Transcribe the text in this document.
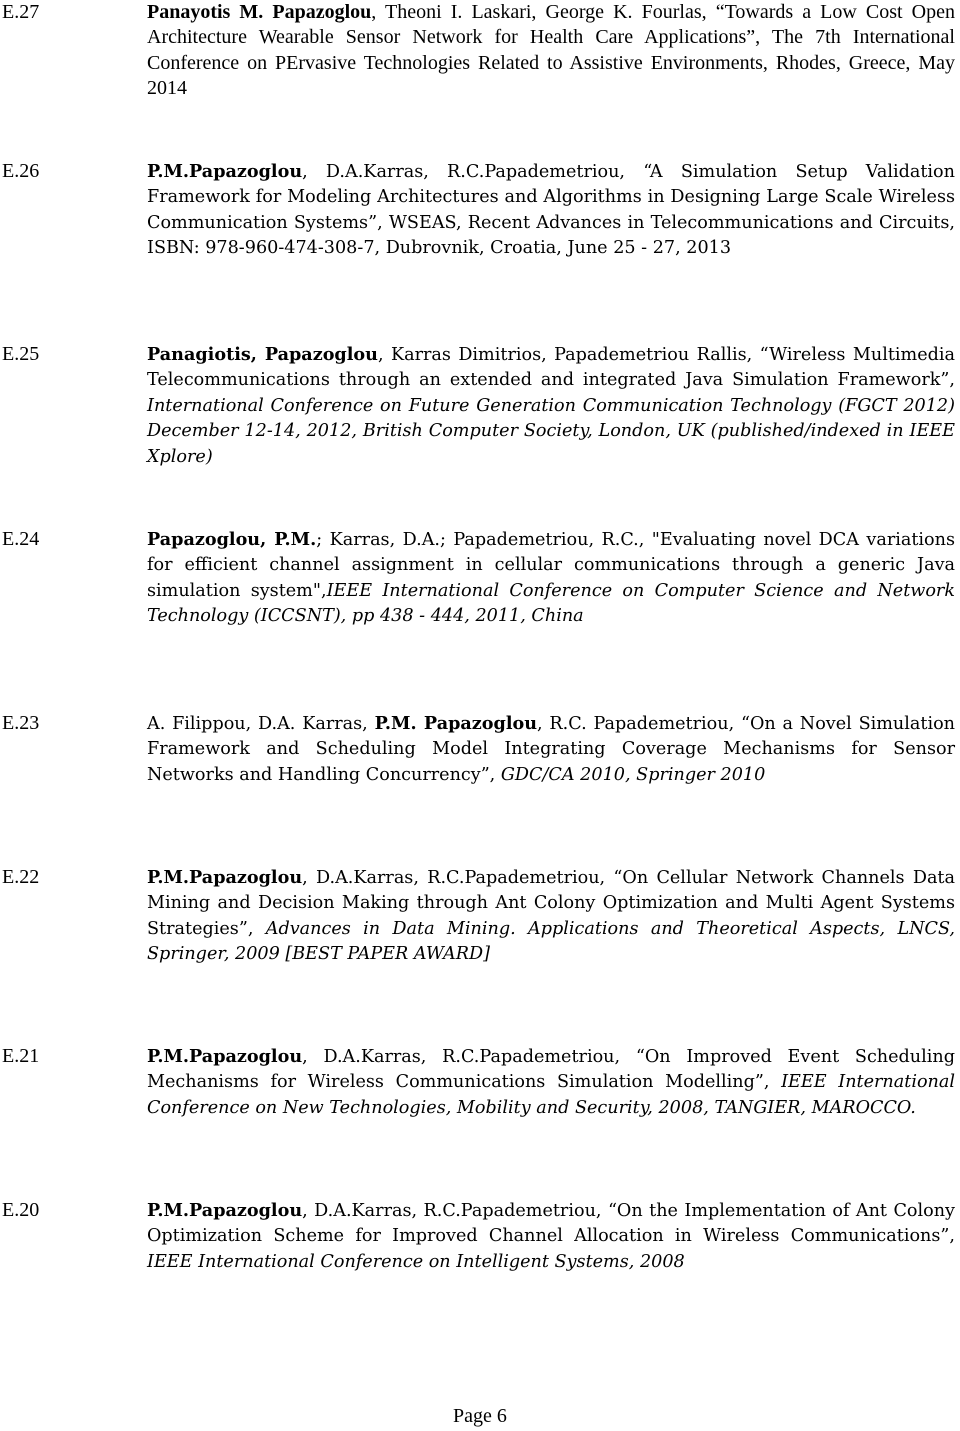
E.27	Panayotis M. Papazoglou, Theoni I. Laskari, George K. Fourlas, “Towards a Low Cost Open Architecture Wearable Sensor Network for Health Care Applications”, The 7th International Conference on PErvasive Technologies Related to Assistive Environments, Rhodes, Greece, May 2014

E.26	P.M.Papazoglou, D.A.Karras, R.C.Papademetriou, “A Simulation Setup Validation Framework for Modeling Architectures and Algorithms in Designing Large Scale Wireless Communication Systems”, WSEAS, Recent Advances in Telecommunications and Circuits, ISBN: 978-960-474-308-7, Dubrovnik, Croatia, June 25 - 27, 2013

E.25	Panagiotis, Papazoglou, Karras Dimitrios, Papademetriou Rallis, “Wireless Multimedia Telecommunications through an extended and integrated Java Simulation Framework”, International Conference on Future Generation Communication Technology (FGCT 2012) December 12-14, 2012, British Computer Society, London, UK (published/indexed in IEEE Xplore)

E.24	Papazoglou, P.M.; Karras, D.A.; Papademetriou, R.C., "Evaluating novel DCA variations for efficient channel assignment in cellular communications through a generic Java simulation system",IEEE International Conference on Computer Science and Network Technology (ICCSNT), pp 438 - 444, 2011, China

E.23	A. Filippou, D.A. Karras, P.M. Papazoglou, R.C. Papademetriou, “On a Novel Simulation Framework and Scheduling Model Integrating Coverage Mechanisms for Sensor Networks and Handling Concurrency”, GDC/CA 2010, Springer 2010

E.22	P.M.Papazoglou, D.A.Karras, R.C.Papademetriou, “On Cellular Network Channels Data Mining and Decision Making through Ant Colony Optimization and Multi Agent Systems Strategies”, Advances in Data Mining. Applications and Theoretical Aspects, LNCS, Springer, 2009 [BEST PAPER AWARD]

E.21	P.M.Papazoglou, D.A.Karras, R.C.Papademetriou, “On Improved Event Scheduling Mechanisms for Wireless Communications Simulation Modelling”, IEEE International Conference on New Technologies, Mobility and Security, 2008, TANGIER, MAROCCO.

E.20	P.M.Papazoglou, D.A.Karras, R.C.Papademetriou, “On the Implementation of Ant Colony Optimization Scheme for Improved Channel Allocation in Wireless Communications”, IEEE International Conference on Intelligent Systems, 2008

Page 6
